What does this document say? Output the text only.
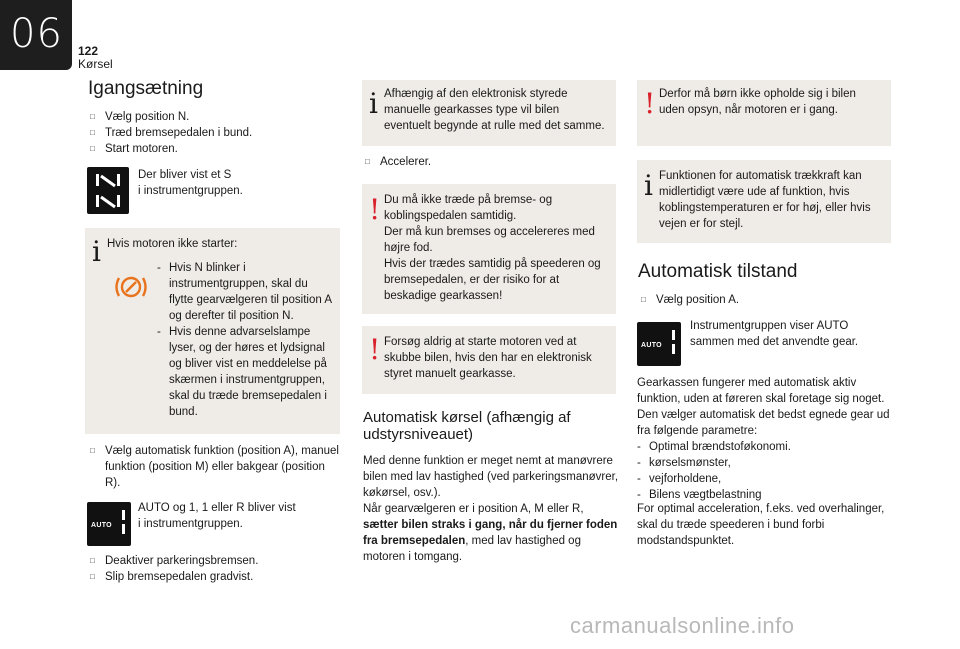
06 122
Kørsel
Igangsætning
□ Vælg position N.
□ Træd bremsepedalen i bund.
□ Start motoren.

Der bliver vist et S
i instrumentgruppen.

i Hvis motoren ikke starter:

- Hvis N blinker i instrumentgruppen, skal du flytte gearvælgeren til position A og derefter til position N.
- Hvis denne advarselslampe lyser, og der høres et lydsignal og bliver vist en meddelelse på skærmen i instrumentgruppen, skal du træde bremsepedalen i bund.
□ Vælg automatisk funktion (position A), manuel funktion (position M) eller bakgear (position R).
AUTO

AUTO og 1, 1 eller R bliver vist
i instrumentgruppen.

□ Deaktiver parkeringsbremsen.
□ Slip bremsepedalen gradvist.
i Afhængig af den elektronisk styrede manuelle gearkasses type vil bilen eventuelt begynde at rulle med det samme.

□ Accelerer.
! Du må ikke træde på bremse- og koblingspedalen samtidig.
Der må kun bremses og accelereres med højre fod.
Hvis der trædes samtidig på speederen og bremsepedalen, er der risiko for at beskadige gearkassen!

! Forsøg aldrig at starte motoren ved at skubbe bilen, hvis den har en elektronisk styret manuelt gearkasse.

Automatisk kørsel (afhængig af udstyrsniveauet)

Med denne funktion er meget nemt at manøvrere bilen med lav hastighed (ved parkeringsmanøvrer, køkørsel, osv.).
Når gearvælgeren er i position A, M eller R, sætter bilen straks i gang, når du fjerner foden fra bremsepedalen, med lav hastighed og motoren i tomgang.

! Derfor må børn ikke opholde sig i bilen uden opsyn, når motoren er i gang.

i Funktionen for automatisk trækkraft kan midlertidigt være ude af funktion, hvis koblingstemperaturen er for høj, eller hvis vejen er for stejl.

Automatisk tilstand
□ Vælg position A.
AUTO

Instrumentgruppen viser AUTO
sammen med det anvendte gear.

Gearkassen fungerer med automatisk aktiv funktion, uden at føreren skal foretage sig noget. Den vælger automatisk det bedst egnede gear ud fra følgende parametre:

- Optimal brændstoføkonomi.
- kørselsmønster,
- vejforholdene,
- Bilens vægtbelastning

For optimal acceleration, f.eks. ved overhalinger, skal du træde speederen i bund forbi modstandspunktet.

carmanualsonline.info
